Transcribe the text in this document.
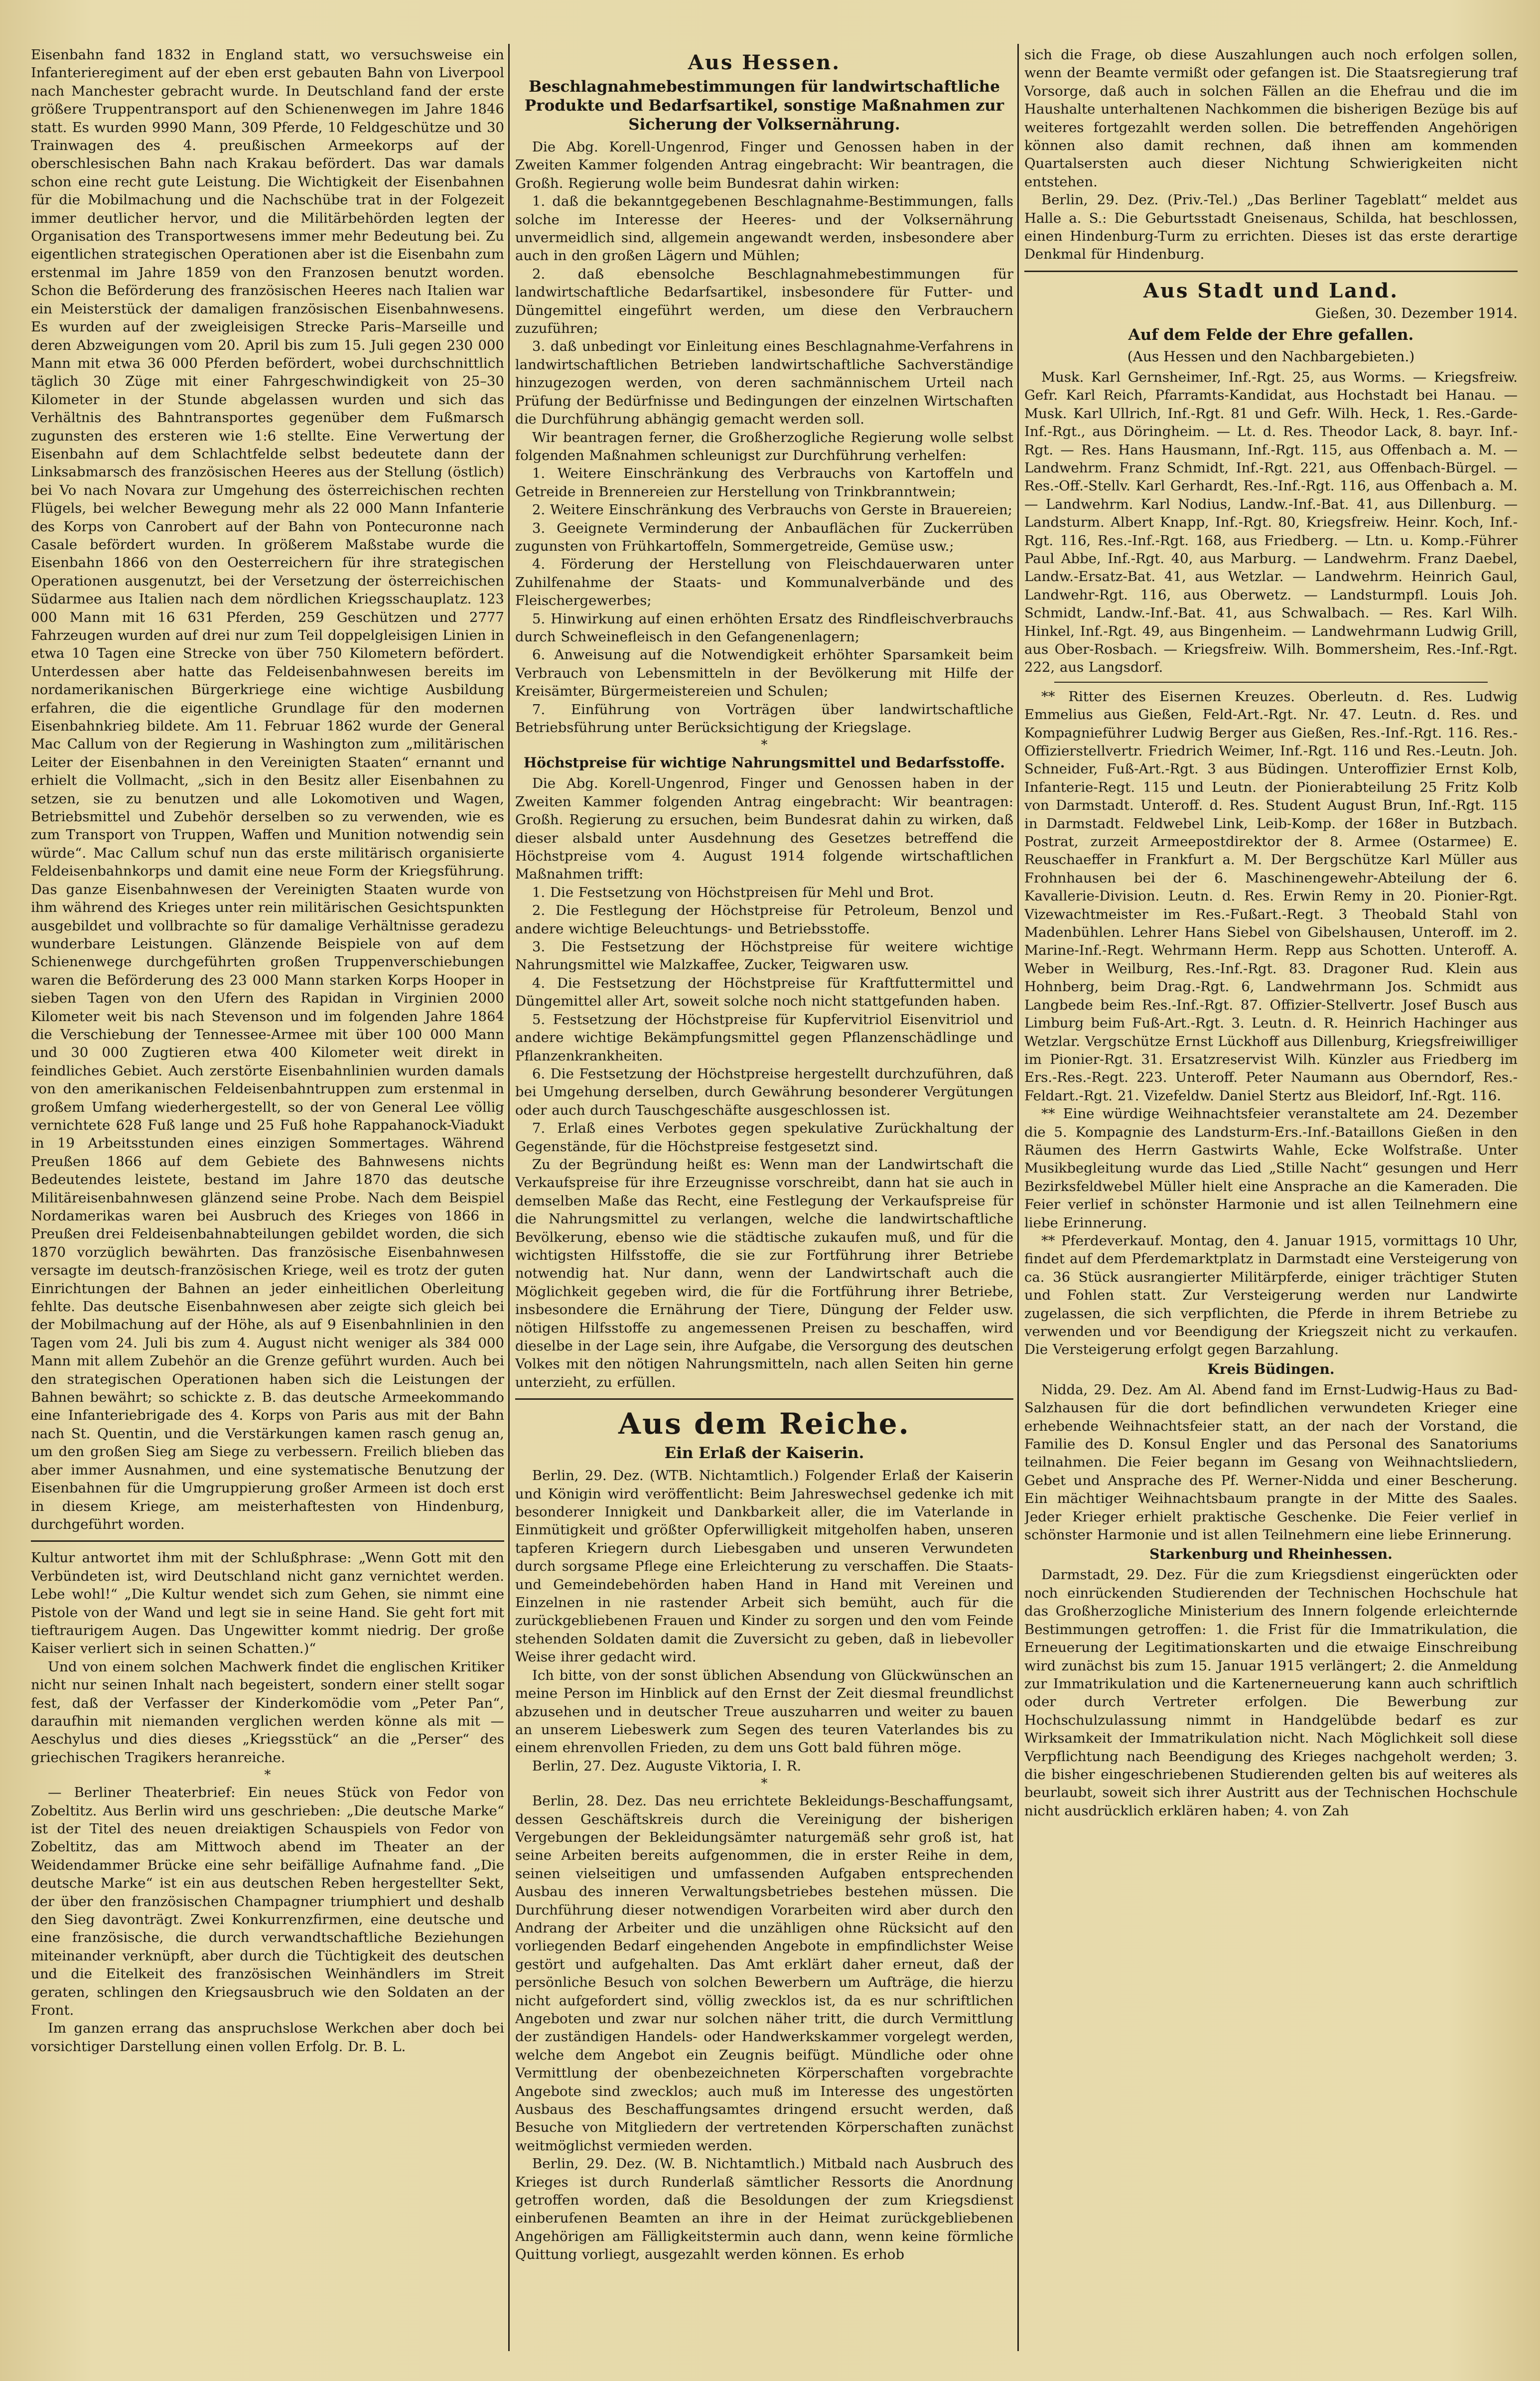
Eisenbahn fand 1832 in England statt, wo versuchsweise ein Infanterieregiment auf der eben erst gebauten Bahn von Liverpool nach Manchester gebracht wurde. In Deutschland fand der erste größere Truppentransport auf den Schienenwegen im Jahre 1846 statt. Es wurden 9990 Mann, 309 Pferde, 10 Feldgeschütze und 30 Trainwagen des 4. preußischen Armeekorps auf der oberschlesischen Bahn nach Krakau befördert. Das war damals schon eine recht gute Leistung. Die Wichtigkeit der Eisenbahnen für die Mobilmachung und die Nachschübe trat in der Folgezeit immer deutlicher hervor, und die Militärbehörden legten der Organisation des Transportwesens immer mehr Bedeutung bei. Zu eigentlichen strategischen Operationen aber ist die Eisenbahn zum erstenmal im Jahre 1859 von den Franzosen benutzt worden. Schon die Beförderung des französischen Heeres nach Italien war ein Meisterstück der damaligen französischen Eisenbahnwesens. Es wurden auf der zweigleisigen Strecke Paris–Marseille und deren Abzweigungen vom 20. April bis zum 15. Juli gegen 230 000 Mann mit etwa 36 000 Pferden befördert, wobei durchschnittlich täglich 30 Züge mit einer Fahrgeschwindigkeit von 25–30 Kilometer in der Stunde abgelassen wurden und sich das Verhältnis des Bahntransportes gegenüber dem Fußmarsch zugunsten des ersteren wie 1:6 stellte. Eine Verwertung der Eisenbahn auf dem Schlachtfelde selbst bedeutete dann der Linksabmarsch des französischen Heeres aus der Stellung (östlich) bei Vo nach Novara zur Umgehung des österreichischen rechten Flügels, bei welcher Bewegung mehr als 22 000 Mann Infanterie des Korps von Canrobert auf der Bahn von Pontecuronne nach Casale befördert wurden. In größerem Maßstabe wurde die Eisenbahn 1866 von den Oesterreichern für ihre strategischen Operationen ausgenutzt, bei der Versetzung der österreichischen Südarmee aus Italien nach dem nördlichen Kriegsschauplatz. 123 000 Mann mit 16 631 Pferden, 259 Geschützen und 2777 Fahrzeugen wurden auf drei nur zum Teil doppelgleisigen Linien in etwa 10 Tagen eine Strecke von über 750 Kilometern befördert. Unterdessen aber hatte das Feldeisenbahnwesen bereits im nordamerikanischen Bürgerkriege eine wichtige Ausbildung erfahren, die die eigentliche Grundlage für den modernen Eisenbahnkrieg bildete. Am 11. Februar 1862 wurde der General Mac Callum von der Regierung in Washington zum „militärischen Leiter der Eisenbahnen in den Vereinigten Staaten“ ernannt und erhielt die Vollmacht, „sich in den Besitz aller Eisenbahnen zu setzen, sie zu benutzen und alle Lokomotiven und Wagen, Betriebsmittel und Zubehör derselben so zu verwenden, wie es zum Transport von Truppen, Waffen und Munition notwendig sein würde“. Mac Callum schuf nun das erste militärisch organisierte Feldeisenbahnkorps und damit eine neue Form der Kriegsführung. Das ganze Eisenbahnwesen der Vereinigten Staaten wurde von ihm während des Krieges unter rein militärischen Gesichtspunkten ausgebildet und vollbrachte so für damalige Verhältnisse geradezu wunderbare Leistungen. Glänzende Beispiele von auf dem Schienenwege durchgeführten großen Truppenverschiebungen waren die Beförderung des 23 000 Mann starken Korps Hooper in sieben Tagen von den Ufern des Rapidan in Virginien 2000 Kilometer weit bis nach Stevenson und im folgenden Jahre 1864 die Verschiebung der Tennessee-Armee mit über 100 000 Mann und 30 000 Zugtieren etwa 400 Kilometer weit direkt in feindliches Gebiet. Auch zerstörte Eisenbahnlinien wurden damals von den amerikanischen Feldeisenbahntruppen zum erstenmal in großem Umfang wiederhergestellt, so der von General Lee völlig vernichtete 628 Fuß lange und 25 Fuß hohe Rappahanock-Viadukt in 19 Arbeitsstunden eines einzigen Sommertages. Während Preußen 1866 auf dem Gebiete des Bahnwesens nichts Bedeutendes leistete, bestand im Jahre 1870 das deutsche Militäreisenbahnwesen glänzend seine Probe. Nach dem Beispiel Nordamerikas waren bei Ausbruch des Krieges von 1866 in Preußen drei Feldeisenbahnabteilungen gebildet worden, die sich 1870 vorzüglich bewährten. Das französische Eisenbahnwesen versagte im deutsch-französischen Kriege, weil es trotz der guten Einrichtungen der Bahnen an jeder einheitlichen Oberleitung fehlte. Das deutsche Eisenbahnwesen aber zeigte sich gleich bei der Mobilmachung auf der Höhe, als auf 9 Eisenbahnlinien in den Tagen vom 24. Juli bis zum 4. August nicht weniger als 384 000 Mann mit allem Zubehör an die Grenze geführt wurden. Auch bei den strategischen Operationen haben sich die Leistungen der Bahnen bewährt; so schickte z. B. das deutsche Armeekommando eine Infanteriebrigade des 4. Korps von Paris aus mit der Bahn nach St. Quentin, und die Verstärkungen kamen rasch genug an, um den großen Sieg am Siege zu verbessern. Freilich blieben das aber immer Ausnahmen, und eine systematische Benutzung der Eisenbahnen für die Umgruppierung großer Armeen ist doch erst in diesem Kriege, am meisterhaftesten von Hindenburg, durchgeführt worden.

Kultur antwortet ihm mit der Schlußphrase: „Wenn Gott mit den Verbündeten ist, wird Deutschland nicht ganz vernichtet werden. Lebe wohl!“ „Die Kultur wendet sich zum Gehen, sie nimmt eine Pistole von der Wand und legt sie in seine Hand. Sie geht fort mit tieftraurigem Augen. Das Ungewitter kommt niedrig. Der große Kaiser verliert sich in seinen Schatten.)“

Und von einem solchen Machwerk findet die englischen Kritiker nicht nur seinen Inhalt nach begeistert, sondern einer stellt sogar fest, daß der Verfasser der Kinderkomödie vom „Peter Pan“, daraufhin mit niemanden verglichen werden könne als mit — Aeschylus und dies dieses „Kriegsstück“ an die „Perser“ des griechischen Tragikers heranreiche.

*

— Berliner Theaterbrief: Ein neues Stück von Fedor von Zobeltitz. Aus Berlin wird uns geschrieben: „Die deutsche Marke“ ist der Titel des neuen dreiaktigen Schauspiels von Fedor von Zobeltitz, das am Mittwoch abend im Theater an der Weidendammer Brücke eine sehr beifällige Aufnahme fand. „Die deutsche Marke“ ist ein aus deutschen Reben hergestellter Sekt, der über den französischen Champagner triumphiert und deshalb den Sieg davonträgt. Zwei Konkurrenzfirmen, eine deutsche und eine französische, die durch verwandtschaftliche Beziehungen miteinander verknüpft, aber durch die Tüchtigkeit des deutschen und die Eitelkeit des französischen Weinhändlers im Streit geraten, schlingen den Kriegsausbruch wie den Soldaten an der Front.

Im ganzen errang das anspruchslose Werkchen aber doch bei vorsichtiger Darstellung einen vollen Erfolg. Dr. B. L.

Aus Hessen.
Beschlagnahmebestimmungen für landwirtschaftliche Produkte und Bedarfsartikel, sonstige Maßnahmen zur Sicherung der Volksernährung.

Die Abg. Korell-Ungenrod, Finger und Genossen haben in der Zweiten Kammer folgenden Antrag eingebracht: Wir beantragen, die Großh. Regierung wolle beim Bundesrat dahin wirken:

1. daß die bekanntgegebenen Beschlagnahme-Bestimmungen, falls solche im Interesse der Heeres- und der Volksernährung unvermeidlich sind, allgemein angewandt werden, insbesondere aber auch in den großen Lägern und Mühlen;

2. daß ebensolche Beschlagnahmebestimmungen für landwirtschaftliche Bedarfsartikel, insbesondere für Futter- und Düngemittel eingeführt werden, um diese den Verbrauchern zuzuführen;

3. daß unbedingt vor Einleitung eines Beschlagnahme-Verfahrens in landwirtschaftlichen Betrieben landwirtschaftliche Sachverständige hinzugezogen werden, von deren sachmännischem Urteil nach Prüfung der Bedürfnisse und Bedingungen der einzelnen Wirtschaften die Durchführung abhängig gemacht werden soll.

Wir beantragen ferner, die Großherzogliche Regierung wolle selbst folgenden Maßnahmen schleunigst zur Durchführung verhelfen:

1. Weitere Einschränkung des Verbrauchs von Kartoffeln und Getreide in Brennereien zur Herstellung von Trinkbranntwein;

2. Weitere Einschränkung des Verbrauchs von Gerste in Brauereien;

3. Geeignete Verminderung der Anbauflächen für Zuckerrüben zugunsten von Frühkartoffeln, Sommergetreide, Gemüse usw.;

4. Förderung der Herstellung von Fleischdauerwaren unter Zuhilfenahme der Staats- und Kommunalverbände und des Fleischergewerbes;

5. Hinwirkung auf einen erhöhten Ersatz des Rindfleischverbrauchs durch Schweinefleisch in den Gefangenenlagern;

6. Anweisung auf die Notwendigkeit erhöhter Sparsamkeit beim Verbrauch von Lebensmitteln in der Bevölkerung mit Hilfe der Kreisämter, Bürgermeistereien und Schulen;

7. Einführung von Vorträgen über landwirtschaftliche Betriebsführung unter Berücksichtigung der Kriegslage.

*
Höchstpreise für wichtige Nahrungsmittel und Bedarfsstoffe.

Die Abg. Korell-Ungenrod, Finger und Genossen haben in der Zweiten Kammer folgenden Antrag eingebracht: Wir beantragen: Großh. Regierung zu ersuchen, beim Bundesrat dahin zu wirken, daß dieser alsbald unter Ausdehnung des Gesetzes betreffend die Höchstpreise vom 4. August 1914 folgende wirtschaftlichen Maßnahmen trifft:

1. Die Festsetzung von Höchstpreisen für Mehl und Brot.

2. Die Festlegung der Höchstpreise für Petroleum, Benzol und andere wichtige Beleuchtungs- und Betriebsstoffe.

3. Die Festsetzung der Höchstpreise für weitere wichtige Nahrungsmittel wie Malzkaffee, Zucker, Teigwaren usw.

4. Die Festsetzung der Höchstpreise für Kraftfuttermittel und Düngemittel aller Art, soweit solche noch nicht stattgefunden haben.

5. Festsetzung der Höchstpreise für Kupfervitriol Eisenvitriol und andere wichtige Bekämpfungsmittel gegen Pflanzenschädlinge und Pflanzenkrankheiten.

6. Die Festsetzung der Höchstpreise hergestellt durchzuführen, daß bei Umgehung derselben, durch Gewährung besonderer Vergütungen oder auch durch Tauschgeschäfte ausgeschlossen ist.

7. Erlaß eines Verbotes gegen spekulative Zurückhaltung der Gegenstände, für die Höchstpreise festgesetzt sind.

Zu der Begründung heißt es: Wenn man der Landwirtschaft die Verkaufspreise für ihre Erzeugnisse vorschreibt, dann hat sie auch in demselben Maße das Recht, eine Festlegung der Verkaufspreise für die Nahrungsmittel zu verlangen, welche die landwirtschaftliche Bevölkerung, ebenso wie die städtische zukaufen muß, und für die wichtigsten Hilfsstoffe, die sie zur Fortführung ihrer Betriebe notwendig hat. Nur dann, wenn der Landwirtschaft auch die Möglichkeit gegeben wird, die für die Fortführung ihrer Betriebe, insbesondere die Ernährung der Tiere, Düngung der Felder usw. nötigen Hilfsstoffe zu angemessenen Preisen zu beschaffen, wird dieselbe in der Lage sein, ihre Aufgabe, die Versorgung des deutschen Volkes mit den nötigen Nahrungsmitteln, nach allen Seiten hin gerne unterzieht, zu erfüllen.

Aus dem Reiche.
Ein Erlaß der Kaiserin.

Berlin, 29. Dez. (WTB. Nichtamtlich.) Folgender Erlaß der Kaiserin und Königin wird veröffentlicht: Beim Jahreswechsel gedenke ich mit besonderer Innigkeit und Dankbarkeit aller, die im Vaterlande in Einmütigkeit und größter Opferwilligkeit mitgeholfen haben, unseren tapferen Kriegern durch Liebesgaben und unseren Verwundeten durch sorgsame Pflege eine Erleichterung zu verschaffen. Die Staats- und Gemeindebehörden haben Hand in Hand mit Vereinen und Einzelnen in nie rastender Arbeit sich bemüht, auch für die zurückgebliebenen Frauen und Kinder zu sorgen und den vom Feinde stehenden Soldaten damit die Zuversicht zu geben, daß in liebevoller Weise ihrer gedacht wird.

Ich bitte, von der sonst üblichen Absendung von Glückwünschen an meine Person im Hinblick auf den Ernst der Zeit diesmal freundlichst abzusehen und in deutscher Treue auszuharren und weiter zu bauen an unserem Liebeswerk zum Segen des teuren Vaterlandes bis zu einem ehrenvollen Frieden, zu dem uns Gott bald führen möge.

Berlin, 27. Dez. Auguste Viktoria, I. R.

*

Berlin, 28. Dez. Das neu errichtete Bekleidungs-Beschaffungsamt, dessen Geschäftskreis durch die Vereinigung der bisherigen Vergebungen der Bekleidungsämter naturgemäß sehr groß ist, hat seine Arbeiten bereits aufgenommen, die in erster Reihe in dem, seinen vielseitigen und umfassenden Aufgaben entsprechenden Ausbau des inneren Verwaltungsbetriebes bestehen müssen. Die Durchführung dieser notwendigen Vorarbeiten wird aber durch den Andrang der Arbeiter und die unzähligen ohne Rücksicht auf den vorliegenden Bedarf eingehenden Angebote in empfindlichster Weise gestört und aufgehalten. Das Amt erklärt daher erneut, daß der persönliche Besuch von solchen Bewerbern um Aufträge, die hierzu nicht aufgefordert sind, völlig zwecklos ist, da es nur schriftlichen Angeboten und zwar nur solchen näher tritt, die durch Vermittlung der zuständigen Handels- oder Handwerkskammer vorgelegt werden, welche dem Angebot ein Zeugnis beifügt. Mündliche oder ohne Vermittlung der obenbezeichneten Körperschaften vorgebrachte Angebote sind zwecklos; auch muß im Interesse des ungestörten Ausbaus des Beschaffungsamtes dringend ersucht werden, daß Besuche von Mitgliedern der vertretenden Körperschaften zunächst weitmöglichst vermieden werden.

Berlin, 29. Dez. (W. B. Nichtamtlich.) Mitbald nach Ausbruch des Krieges ist durch Runderlaß sämtlicher Ressorts die Anordnung getroffen worden, daß die Besoldungen der zum Kriegsdienst einberufenen Beamten an ihre in der Heimat zurückgebliebenen Angehörigen am Fälligkeitstermin auch dann, wenn keine förmliche Quittung vorliegt, ausgezahlt werden können. Es erhob

sich die Frage, ob diese Auszahlungen auch noch erfolgen sollen, wenn der Beamte vermißt oder gefangen ist. Die Staatsregierung traf Vorsorge, daß auch in solchen Fällen an die Ehefrau und die im Haushalte unterhaltenen Nachkommen die bisherigen Bezüge bis auf weiteres fortgezahlt werden sollen. Die betreffenden Angehörigen können also damit rechnen, daß ihnen am kommenden Quartalsersten auch dieser Nichtung Schwierigkeiten nicht entstehen.

Berlin, 29. Dez. (Priv.-Tel.) „Das Berliner Tageblatt“ meldet aus Halle a. S.: Die Geburtsstadt Gneisenaus, Schilda, hat beschlossen, einen Hindenburg-Turm zu errichten. Dieses ist das erste derartige Denkmal für Hindenburg.

Aus Stadt und Land.
Gießen, 30. Dezember 1914.
Auf dem Felde der Ehre gefallen.
(Aus Hessen und den Nachbargebieten.)

Musk. Karl Gernsheimer, Inf.-Rgt. 25, aus Worms. — Kriegsfreiw. Gefr. Karl Reich, Pfarramts-Kandidat, aus Hochstadt bei Hanau. — Musk. Karl Ullrich, Inf.-Rgt. 81 und Gefr. Wilh. Heck, 1. Res.-Garde-Inf.-Rgt., aus Döringheim. — Lt. d. Res. Theodor Lack, 8. bayr. Inf.-Rgt. — Res. Hans Hausmann, Inf.-Rgt. 115, aus Offenbach a. M. — Landwehrm. Franz Schmidt, Inf.-Rgt. 221, aus Offenbach-Bürgel. — Res.-Off.-Stellv. Karl Gerhardt, Res.-Inf.-Rgt. 116, aus Offenbach a. M. — Landwehrm. Karl Nodius, Landw.-Inf.-Bat. 41, aus Dillenburg. — Landsturm. Albert Knapp, Inf.-Rgt. 80, Kriegsfreiw. Heinr. Koch, Inf.-Rgt. 116, Res.-Inf.-Rgt. 168, aus Friedberg. — Ltn. u. Komp.-Führer Paul Abbe, Inf.-Rgt. 40, aus Marburg. — Landwehrm. Franz Daebel, Landw.-Ersatz-Bat. 41, aus Wetzlar. — Landwehrm. Heinrich Gaul, Landwehr-Rgt. 116, aus Oberwetz. — Landsturmpfl. Louis Joh. Schmidt, Landw.-Inf.-Bat. 41, aus Schwalbach. — Res. Karl Wilh. Hinkel, Inf.-Rgt. 49, aus Bingenheim. — Landwehrmann Ludwig Grill, aus Ober-Rosbach. — Kriegsfreiw. Wilh. Bommersheim, Res.-Inf.-Rgt. 222, aus Langsdorf.

** Ritter des Eisernen Kreuzes. Oberleutn. d. Res. Ludwig Emmelius aus Gießen, Feld-Art.-Rgt. Nr. 47. Leutn. d. Res. und Kompagnieführer Ludwig Berger aus Gießen, Res.-Inf.-Rgt. 116. Res.-Offizierstellvertr. Friedrich Weimer, Inf.-Rgt. 116 und Res.-Leutn. Joh. Schneider, Fuß-Art.-Rgt. 3 aus Büdingen. Unteroffizier Ernst Kolb, Infanterie-Regt. 115 und Leutn. der Pionierabteilung 25 Fritz Kolb von Darmstadt. Unteroff. d. Res. Student August Brun, Inf.-Rgt. 115 in Darmstadt. Feldwebel Link, Leib-Komp. der 168er in Butzbach. Postrat, zurzeit Armeepostdirektor der 8. Armee (Ostarmee) E. Reuschaeffer in Frankfurt a. M. Der Bergschütze Karl Müller aus Frohnhausen bei der 6. Maschinengewehr-Abteilung der 6. Kavallerie-Division. Leutn. d. Res. Erwin Remy in 20. Pionier-Rgt. Vizewachtmeister im Res.-Fußart.-Regt. 3 Theobald Stahl von Madenbühlen. Lehrer Hans Siebel von Gibelshausen, Unteroff. im 2. Marine-Inf.-Regt. Wehrmann Herm. Repp aus Schotten. Unteroff. A. Weber in Weilburg, Res.-Inf.-Rgt. 83. Dragoner Rud. Klein aus Hohnberg, beim Drag.-Rgt. 6, Landwehrmann Jos. Schmidt aus Langbede beim Res.-Inf.-Rgt. 87. Offizier-Stellvertr. Josef Busch aus Limburg beim Fuß-Art.-Rgt. 3. Leutn. d. R. Heinrich Hachinger aus Wetzlar. Vergschütze Ernst Lückhoff aus Dillenburg, Kriegsfreiwilliger im Pionier-Rgt. 31. Ersatzreservist Wilh. Künzler aus Friedberg im Ers.-Res.-Regt. 223. Unteroff. Peter Naumann aus Oberndorf, Res.-Feldart.-Rgt. 21. Vizefeldw. Daniel Stertz aus Bleidorf, Inf.-Rgt. 116.

** Eine würdige Weihnachtsfeier veranstaltete am 24. Dezember die 5. Kompagnie des Landsturm-Ers.-Inf.-Bataillons Gießen in den Räumen des Herrn Gastwirts Wahle, Ecke Wolfstraße. Unter Musikbegleitung wurde das Lied „Stille Nacht“ gesungen und Herr Bezirksfeldwebel Müller hielt eine Ansprache an die Kameraden. Die Feier verlief in schönster Harmonie und ist allen Teilnehmern eine liebe Erinnerung.

** Pferdeverkauf. Montag, den 4. Januar 1915, vormittags 10 Uhr, findet auf dem Pferdemarktplatz in Darmstadt eine Versteigerung von ca. 36 Stück ausrangierter Militärpferde, einiger trächtiger Stuten und Fohlen statt. Zur Versteigerung werden nur Landwirte zugelassen, die sich verpflichten, die Pferde in ihrem Betriebe zu verwenden und vor Beendigung der Kriegszeit nicht zu verkaufen. Die Versteigerung erfolgt gegen Barzahlung.

Kreis Büdingen.

Nidda, 29. Dez. Am Al. Abend fand im Ernst-Ludwig-Haus zu Bad-Salzhausen für die dort befindlichen verwundeten Krieger eine erhebende Weihnachtsfeier statt, an der nach der Vorstand, die Familie des D. Konsul Engler und das Personal des Sanatoriums teilnahmen. Die Feier begann im Gesang von Weihnachtsliedern, Gebet und Ansprache des Pf. Werner-Nidda und einer Bescherung. Ein mächtiger Weihnachtsbaum prangte in der Mitte des Saales. Jeder Krieger erhielt praktische Geschenke. Die Feier verlief in schönster Harmonie und ist allen Teilnehmern eine liebe Erinnerung.

Starkenburg und Rheinhessen.

Darmstadt, 29. Dez. Für die zum Kriegsdienst eingerückten oder noch einrückenden Studierenden der Technischen Hochschule hat das Großherzogliche Ministerium des Innern folgende erleichternde Bestimmungen getroffen: 1. die Frist für die Immatrikulation, die Erneuerung der Legitimationskarten und die etwaige Einschreibung wird zunächst bis zum 15. Januar 1915 verlängert; 2. die Anmeldung zur Immatrikulation und die Kartenerneuerung kann auch schriftlich oder durch Vertreter erfolgen. Die Bewerbung zur Hochschulzulassung nimmt in Handgelübde bedarf es zur Wirksamkeit der Immatrikulation nicht. Nach Möglichkeit soll diese Verpflichtung nach Beendigung des Krieges nachgeholt werden; 3. die bisher eingeschriebenen Studierenden gelten bis auf weiteres als beurlaubt, soweit sich ihrer Austritt aus der Technischen Hochschule nicht ausdrücklich erklären haben; 4. von Zah
